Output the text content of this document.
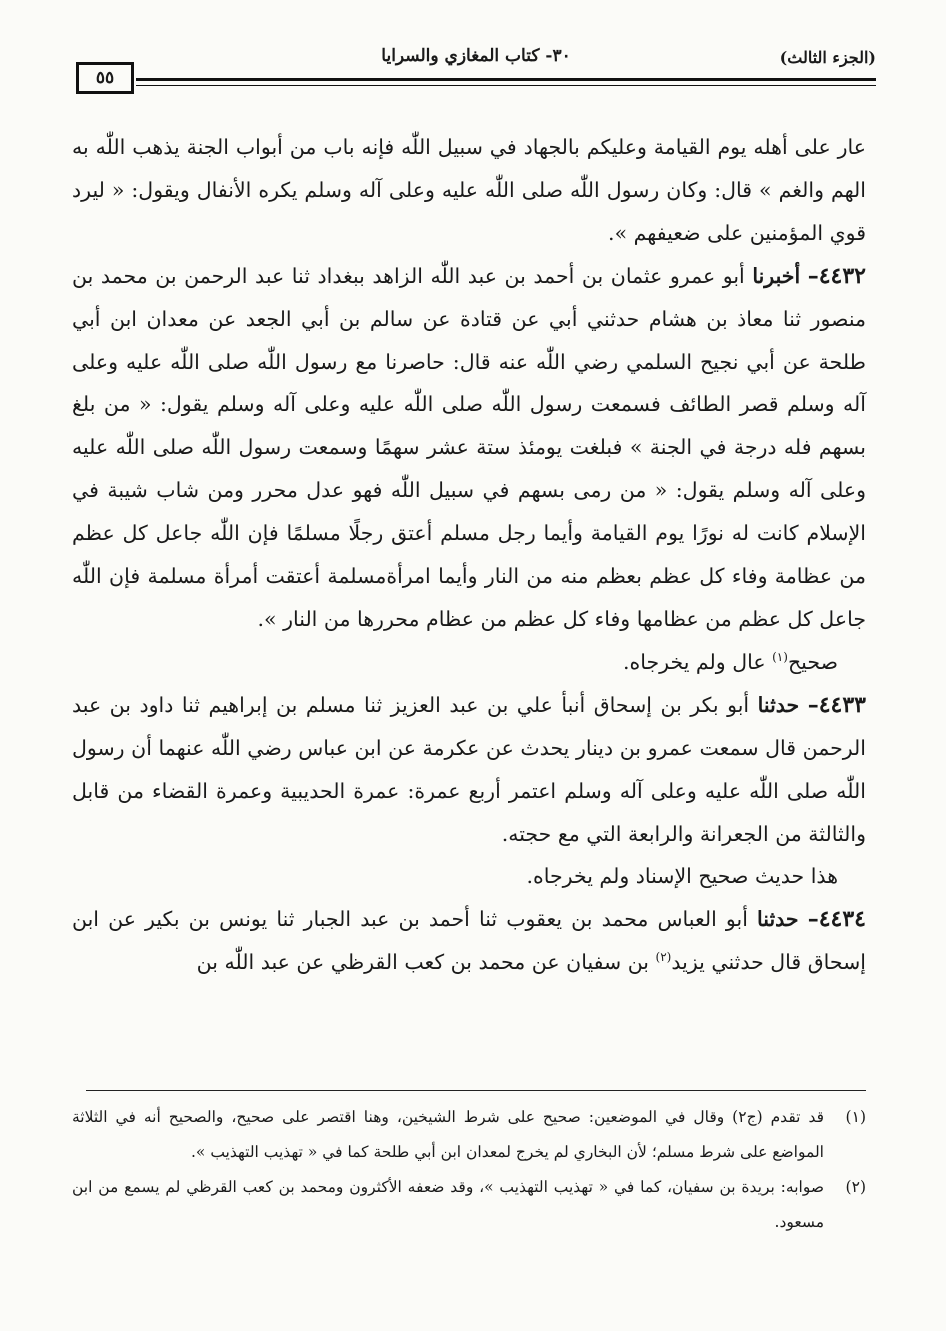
٥٥
٣٠- كتاب المغازي والسرايا	(الجزء الثالث)

عار على أهله يوم القيامة وعليكم بالجهاد في سبيل اللّٰه فإنه باب من أبواب الجنة يذهب اللّٰه به الهم والغم » قال: وكان رسول اللّٰه صلى اللّٰه عليه وعلى آله وسلم يكره الأنفال ويقول: « ليرد قوي المؤمنين على ضعيفهم ».

٤٤٣٢– أخبرنا أبو عمرو عثمان بن أحمد بن عبد اللّٰه الزاهد ببغداد ثنا عبد الرحمن بن محمد بن منصور ثنا معاذ بن هشام حدثني أبي عن قتادة عن سالم بن أبي الجعد عن معدان ابن أبي طلحة عن أبي نجيح السلمي رضي اللّٰه عنه قال: حاصرنا مع رسول اللّٰه صلى اللّٰه عليه وعلى آله وسلم قصر الطائف فسمعت رسول اللّٰه صلى اللّٰه عليه وعلى آله وسلم يقول: « من بلغ بسهم فله درجة في الجنة » فبلغت يومئذ ستة عشر سهمًا وسمعت رسول اللّٰه صلى اللّٰه عليه وعلى آله وسلم يقول: « من رمى بسهم في سبيل اللّٰه فهو عدل محرر ومن شاب شيبة في الإسلام كانت له نورًا يوم القيامة وأيما رجل مسلم أعتق رجلًا مسلمًا فإن اللّٰه جاعل كل عظم من عظامة وفاء كل عظم بعظم منه من النار وأيما امرأةمسلمة أعتقت أمرأة مسلمة فإن اللّٰه جاعل كل عظم من عظامها وفاء كل عظم من عظام محررها من النار ».

صحيح$^{(١)}$ عال ولم يخرجاه.

٤٤٣٣– حدثنا أبو بكر بن إسحاق أنبأ علي بن عبد العزيز ثنا مسلم بن إبراهيم ثنا داود بن عبد الرحمن قال سمعت عمرو بن دينار يحدث عن عكرمة عن ابن عباس رضي اللّٰه عنهما أن رسول اللّٰه صلى اللّٰه عليه وعلى آله وسلم اعتمر أربع عمرة: عمرة الحديبية وعمرة القضاء من قابل والثالثة من الجعرانة والرابعة التي مع حجته.

هذا حديث صحيح الإسناد ولم يخرجاه.

٤٤٣٤– حدثنا أبو العباس محمد بن يعقوب ثنا أحمد بن عبد الجبار ثنا يونس بن بكير عن ابن إسحاق قال حدثني يزيد$^{(٢)}$ بن سفيان عن محمد بن كعب القرظي عن عبد اللّٰه بن

(١)
قد تقدم (ج٢) وقال في الموضعين: صحيح على شرط الشيخين، وهنا اقتصر على صحيح، والصحيح أنه في الثلاثة المواضع على شرط مسلم؛ لأن البخاري لم يخرج لمعدان ابن أبي طلحة كما في « تهذيب التهذيب ».
(٢)
صوابه: بريدة بن سفيان، كما في « تهذيب التهذيب »، وقد ضعفه الأكثرون ومحمد بن كعب القرظي لم يسمع من ابن مسعود.
